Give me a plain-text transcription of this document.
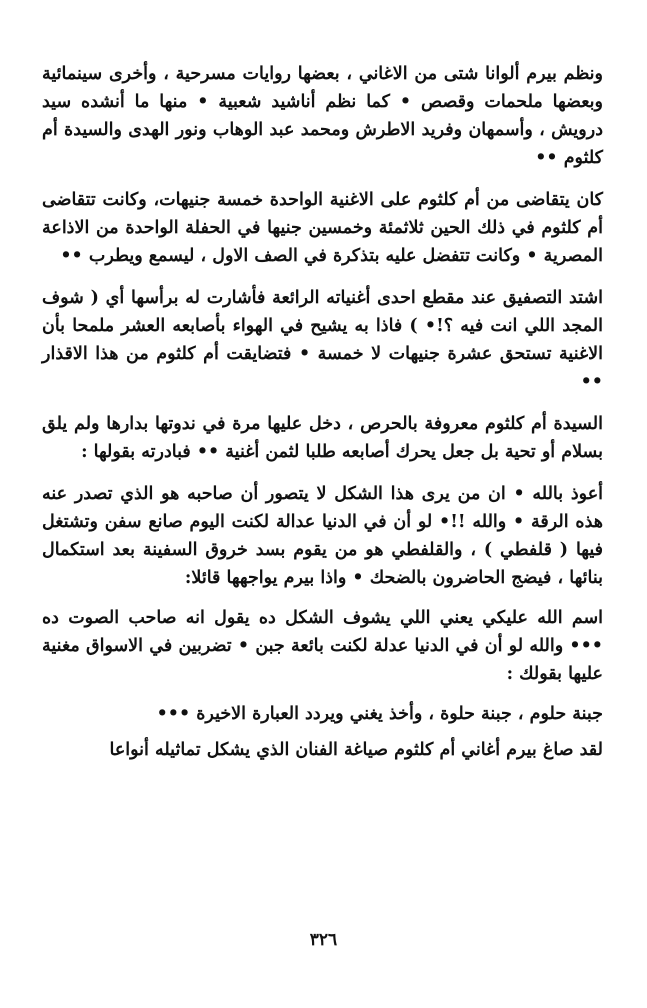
ونظم بيرم ألوانا شتى من الاغاني ، بعضها روايات مسرحية ، وأخرى سينمائية وبعضها ملحمات وقصص • كما نظم أناشيد شعبية • منها ما أنشده سيد درويش ، وأسمهان وفريد الاطرش ومحمد عبد الوهاب ونور الهدى والسيدة أم كلثوم ••

كان يتقاضى من أم كلثوم على الاغنية الواحدة خمسة جنيهات، وكانت تتقاضى أم كلثوم في ذلك الحين ثلاثمئة وخمسين جنيها في الحفلة الواحدة من الاذاعة المصرية • وكانت تتفضل عليه بتذكرة في الصف الاول ، ليسمع ويطرب ••

اشتد التصفيق عند مقطع احدى أغنياته الرائعة فأشارت له برأسها أي ( شوف المجد اللي انت فيه ؟!• ) فاذا به يشيح في الهواء بأصابعه العشر ملمحا بأن الاغنية تستحق عشرة جنيهات لا خمسة • فتضايقت أم كلثوم من هذا الاقذار ••

السيدة أم كلثوم معروفة بالحرص ، دخل عليها مرة في ندوتها بدارها ولم يلق بسلام أو تحية بل جعل يحرك أصابعه طلبا لثمن أغنية •• فبادرته بقولها :

أعوذ بالله • ان من يرى هذا الشكل لا يتصور أن صاحبه هو الذي تصدر عنه هذه الرقة • والله !!• لو أن في الدنيا عدالة لكنت اليوم صانع سفن وتشتغل فيها ( قلفطي ) ، والقلفطي هو من يقوم بسد خروق السفينة بعد استكمال بنائها ، فيضج الحاضرون بالضحك • واذا بيرم يواجهها قائلا:

اسم الله عليكي يعني اللي يشوف الشكل ده يقول انه صاحب الصوت ده ••• والله لو أن في الدنيا عدلة لكنت بائعة جبن • تضربين في الاسواق مغنية عليها بقولك :

جبنة حلوم ، جبنة حلوة ، وأخذ يغني ويردد العبارة الاخيرة •••

لقد صاغ بيرم أغاني أم كلثوم صياغة الفنان الذي يشكل تماثيله أنواعا

٣٢٦
